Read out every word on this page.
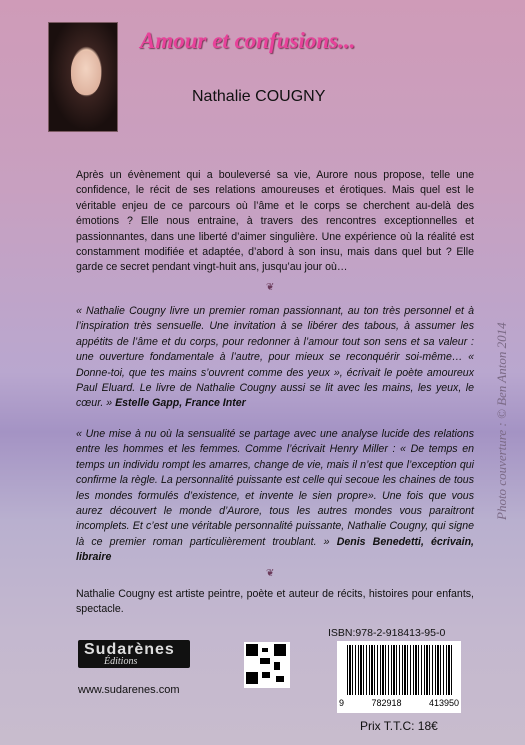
Amour et confusions...
Nathalie COUGNY
Après un évènement qui a bouleversé sa vie, Aurore nous propose, telle une confidence, le récit de ses relations amoureuses et érotiques. Mais quel est le véritable enjeu de ce parcours où l’âme et le corps se cherchent au-delà des émotions ? Elle nous entraine, à travers des rencontres exceptionnelles et passionnantes, dans une liberté d’aimer singulière. Une expérience où la réalité est constamment modifiée et adaptée, d’abord à son insu, mais dans quel but ? Elle garde ce secret pendant vingt-huit ans, jusqu’au jour où…
❦
« Nathalie Cougny livre un premier roman passionnant, au ton très personnel et à l’inspiration très sensuelle. Une invitation à se libérer des tabous, à assumer les appétits de l’âme et du corps, pour redonner à l’amour tout son sens et sa valeur : une ouverture fondamentale à l’autre, pour mieux se reconquérir soi-même… « Donne-toi, que tes mains s’ouvrent comme des yeux », écrivait le poète amoureux Paul Eluard. Le livre de Nathalie Cougny aussi se lit avec les mains, les yeux, le cœur. » Estelle Gapp, France Inter
« Une mise à nu où la sensualité se partage avec une analyse lucide des relations entre les hommes et les femmes. Comme l’écrivait Henry Miller : « De temps en temps un individu rompt les amarres, change de vie, mais il n’est que l’exception qui confirme la règle. La personnalité puissante est celle qui secoue les chaines de tous les mondes formulés d’existence, et invente le sien propre». Une fois que vous aurez découvert le monde d’Aurore, tous les autres mondes vous paraitront incomplets. Et c’est une véritable personnalité puissante, Nathalie Cougny, qui signe là ce premier roman particulièrement troublant. » Denis Benedetti, écrivain, libraire
❦
Nathalie Cougny est artiste peintre, poète et auteur de récits, histoires pour enfants, spectacle.
Photo couverture : © Ben Anton 2014
Sudarènes
Éditions
www.sudarenes.com
ISBN:978-2-918413-95-0
9	782918	413950
Prix T.T.C: 18€
